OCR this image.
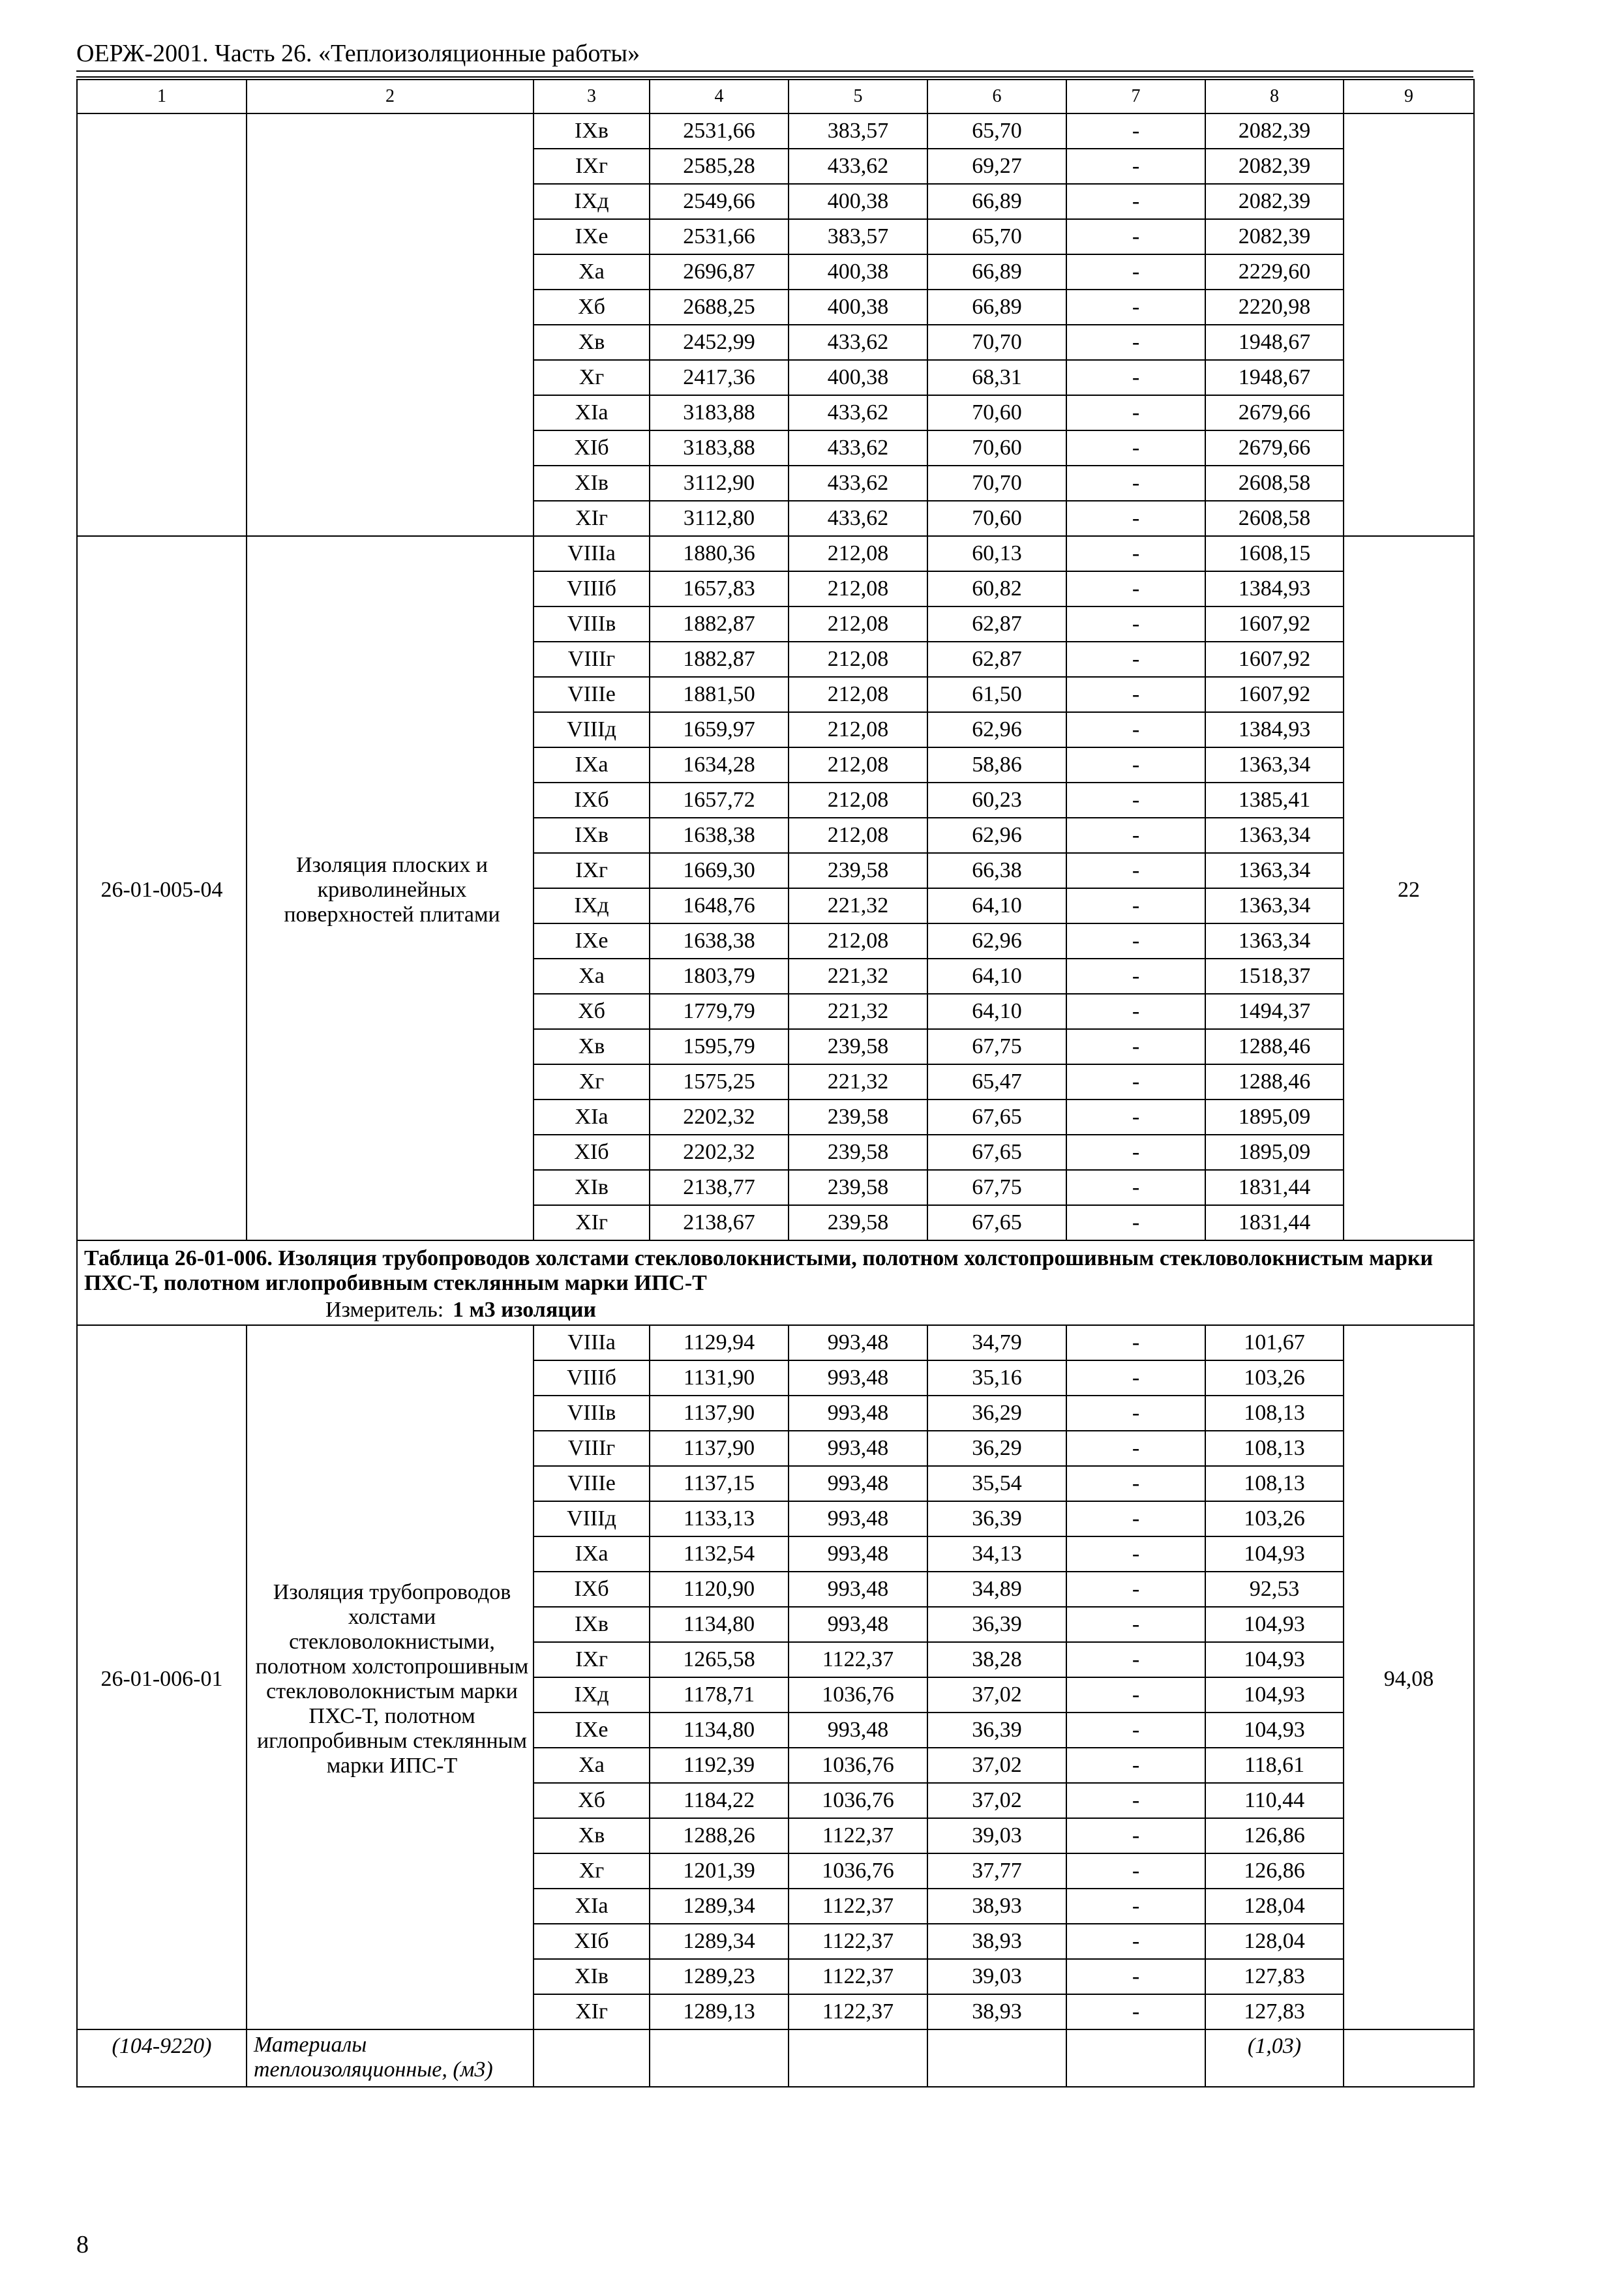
ОЕРЖ-2001. Часть 26. «Теплоизоляционные работы»
1	2	3	4	5	6	7	8	9
		IXв	2531,66	383,57	65,70	-	2082,39	
		IXг	2585,28	433,62	69,27	-	2082,39	
		IXд	2549,66	400,38	66,89	-	2082,39	
		IXе	2531,66	383,57	65,70	-	2082,39	
		Xa	2696,87	400,38	66,89	-	2229,60	
		Xб	2688,25	400,38	66,89	-	2220,98	
		Xв	2452,99	433,62	70,70	-	1948,67	
		Xг	2417,36	400,38	68,31	-	1948,67	
		XIa	3183,88	433,62	70,60	-	2679,66	
		XIб	3183,88	433,62	70,60	-	2679,66	
		XIв	3112,90	433,62	70,70	-	2608,58	
		XIг	3112,80	433,62	70,60	-	2608,58	
26-01-005-04	Изоляция плоских и криволинейных поверхностей плитами	VIIIa	1880,36	212,08	60,13	-	1608,15	22
		VIIIб	1657,83	212,08	60,82	-	1384,93	
		VIIIв	1882,87	212,08	62,87	-	1607,92	
		VIIIг	1882,87	212,08	62,87	-	1607,92	
		VIIIе	1881,50	212,08	61,50	-	1607,92	
		VIIIд	1659,97	212,08	62,96	-	1384,93	
		IXa	1634,28	212,08	58,86	-	1363,34	
		IXб	1657,72	212,08	60,23	-	1385,41	
		IXв	1638,38	212,08	62,96	-	1363,34	
		IXг	1669,30	239,58	66,38	-	1363,34	
		IXд	1648,76	221,32	64,10	-	1363,34	
		IXе	1638,38	212,08	62,96	-	1363,34	
		Xa	1803,79	221,32	64,10	-	1518,37	
		Xб	1779,79	221,32	64,10	-	1494,37	
		Xв	1595,79	239,58	67,75	-	1288,46	
		Xг	1575,25	221,32	65,47	-	1288,46	
		XIa	2202,32	239,58	67,65	-	1895,09	
		XIб	2202,32	239,58	67,65	-	1895,09	
		XIв	2138,77	239,58	67,75	-	1831,44	
		XIг	2138,67	239,58	67,65	-	1831,44	

Таблица 26-01-006. Изоляция трубопроводов холстами стекловолокнистыми, полотном холстопрошивным стекловолокнистым марки ПХС-Т, полотном иглопробивным стеклянным марки ИПС-Т
Измеритель: 1 м3 изоляции								

26-01-006-01	Изоляция трубопроводов холстами стекловолокнистыми, полотном холстопрошивным стекловолокнистым марки ПХС-Т, полотном иглопробивным стеклянным марки ИПС-Т	VIIIa	1129,94	993,48	34,79	-	101,67	94,08
		VIIIб	1131,90	993,48	35,16	-	103,26	
		VIIIв	1137,90	993,48	36,29	-	108,13	
		VIIIг	1137,90	993,48	36,29	-	108,13	
		VIIIе	1137,15	993,48	35,54	-	108,13	
		VIIIд	1133,13	993,48	36,39	-	103,26	
		IXa	1132,54	993,48	34,13	-	104,93	
		IXб	1120,90	993,48	34,89	-	92,53	
		IXв	1134,80	993,48	36,39	-	104,93	
		IXг	1265,58	1122,37	38,28	-	104,93	
		IXд	1178,71	1036,76	37,02	-	104,93	
		IXе	1134,80	993,48	36,39	-	104,93	
		Xa	1192,39	1036,76	37,02	-	118,61	
		Xб	1184,22	1036,76	37,02	-	110,44	
		Xв	1288,26	1122,37	39,03	-	126,86	
		Xг	1201,39	1036,76	37,77	-	126,86	
		XIa	1289,34	1122,37	38,93	-	128,04	
		XIб	1289,34	1122,37	38,93	-	128,04	
		XIв	1289,23	1122,37	39,03	-	127,83	
		XIг	1289,13	1122,37	38,93	-	127,83	
(104-9220)	Материалы теплоизоляционные, (м3)						(1,03)	
8
